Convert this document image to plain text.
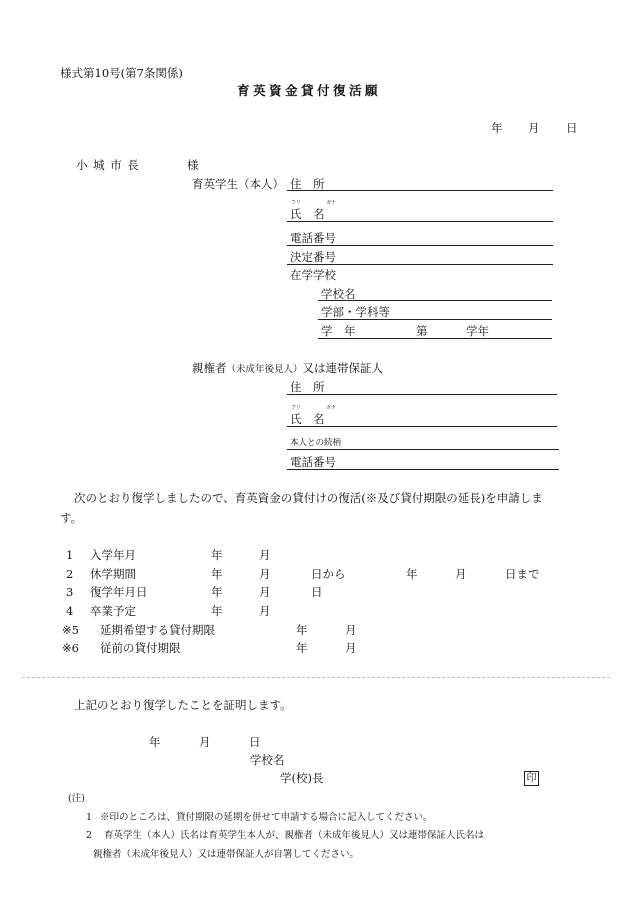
様式第10号(第7条関係)
育英資金貸付復活願
年 月 日
小 城 市 長	様
育英学生（本人） 住　所
フリ	ガナ
氏　名
電話番号
決定番号
在学学校
学校名
学部・学科等
学　年	第	学年
親権者（未成年後見人）又は連帯保証人
住　所
フリ	ガナ
氏　名
本人との続柄
電話番号
次のとおり復学しましたので、育英資金の貸付けの復活(※及び貸付期限の延長)を申請しま
す。
1 入学年月	年	月
2 休学期間	年	月	日から	年	月	日まで
3 復学年月日	年	月	日
4 卒業予定	年	月
※5 延期希望する貸付期限	年	月
※6 従前の貸付期限	年	月
上記のとおり復学したことを証明します。
年	月	日
学校名
学(校)長	印
(注)
1 ※印のところは、貸付期限の延期を併せて申請する場合に記入してください。
2 育英学生（本人）氏名は育英学生本人が、親権者（未成年後見人）又は連帯保証人氏名は
親権者（未成年後見人）又は連帯保証人が自署してください。
